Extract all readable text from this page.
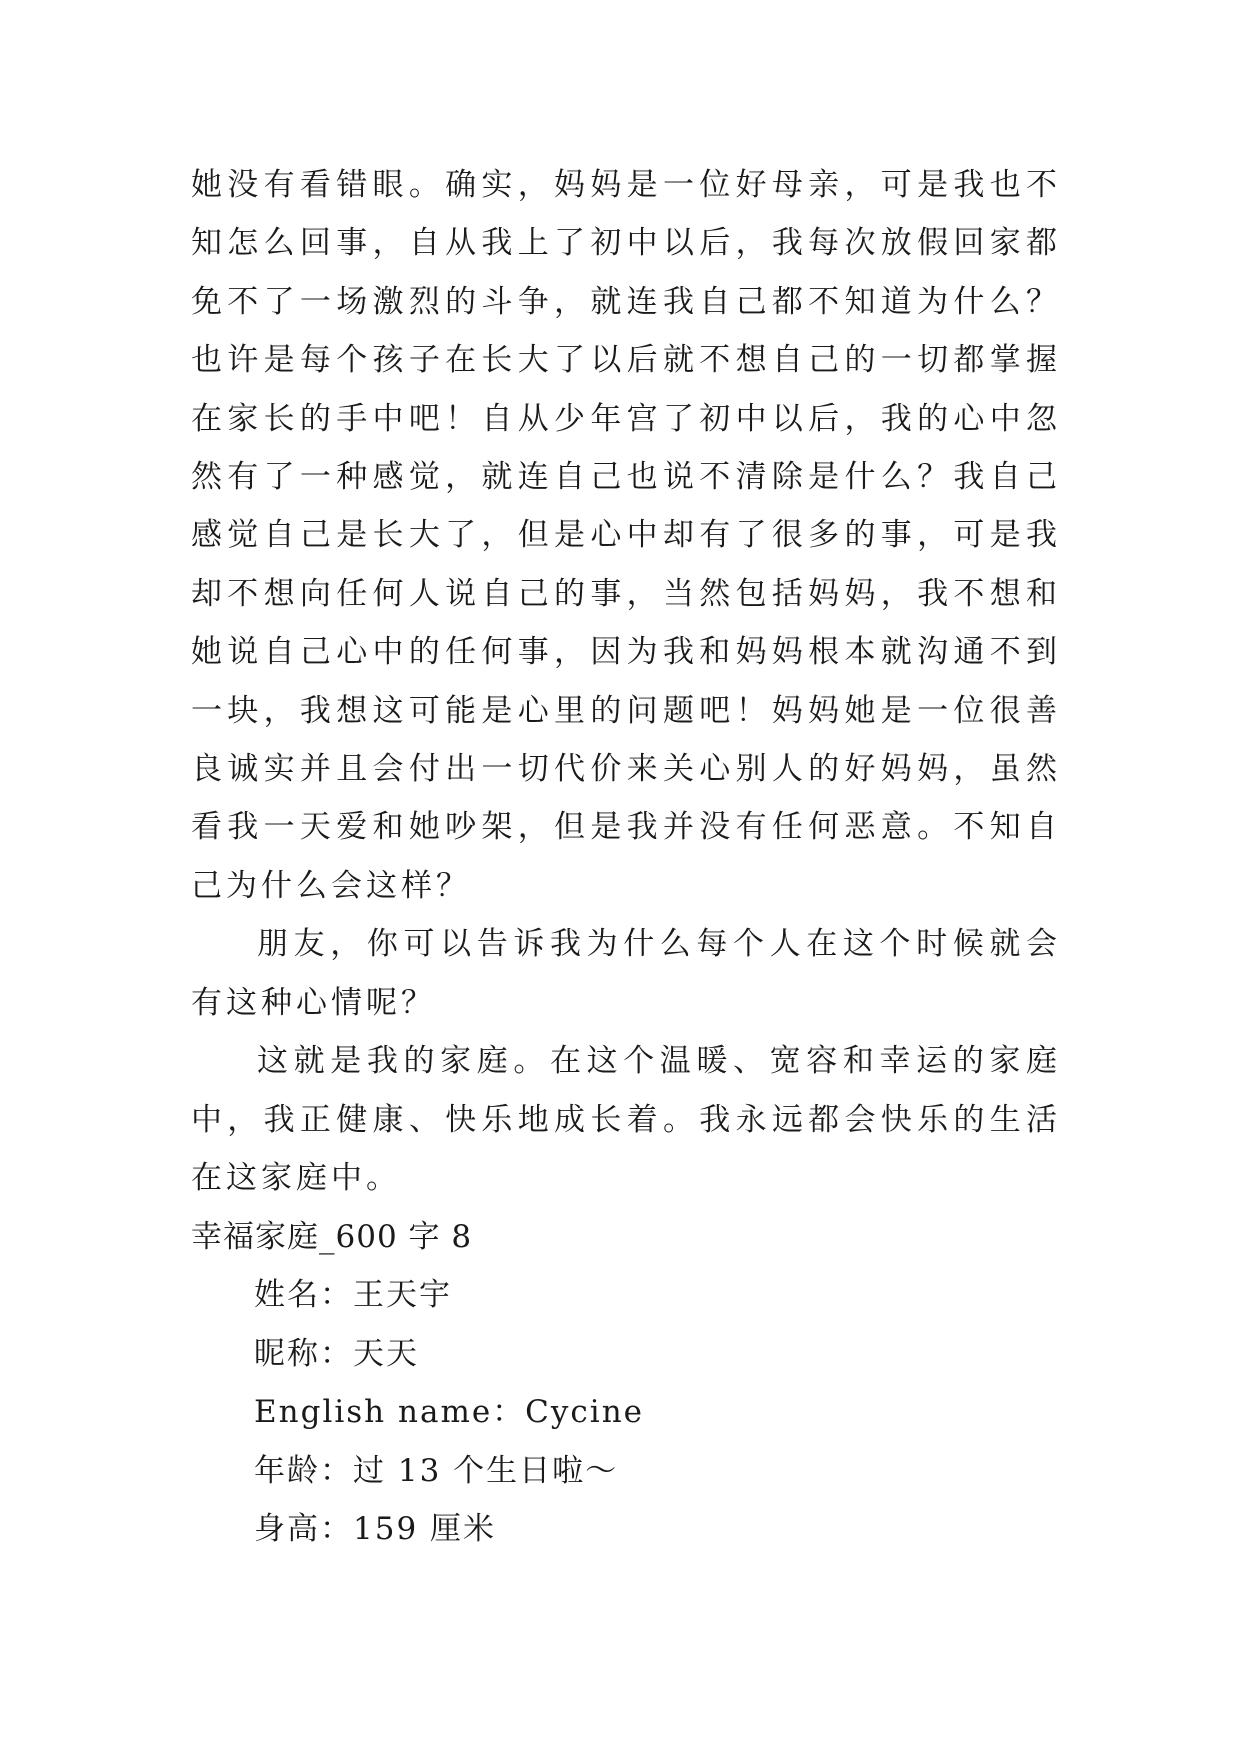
她没有看错眼。确实，妈妈是一位好母亲，可是我也不知怎么回事，自从我上了初中以后，我每次放假回家都免不了一场激烈的斗争，就连我自己都不知道为什么？也许是每个孩子在长大了以后就不想自己的一切都掌握在家长的手中吧！自从少年宫了初中以后，我的心中忽然有了一种感觉，就连自己也说不清除是什么？我自己感觉自己是长大了，但是心中却有了很多的事，可是我却不想向任何人说自己的事，当然包括妈妈，我不想和她说自己心中的任何事，因为我和妈妈根本就沟通不到一块，我想这可能是心里的问题吧！妈妈她是一位很善良诚实并且会付出一切代价来关心别人的好妈妈，虽然看我一天爱和她吵架，但是我并没有任何恶意。不知自己为什么会这样？

朋友，你可以告诉我为什么每个人在这个时候就会有这种心情呢？

这就是我的家庭。在这个温暖、宽容和幸运的家庭中，我正健康、快乐地成长着。我永远都会快乐的生活在这家庭中。

幸福家庭_600 字 8

姓名：王天宇

昵称：天天

English name：Cycine

年龄：过 13 个生日啦～

身高：159 厘米
